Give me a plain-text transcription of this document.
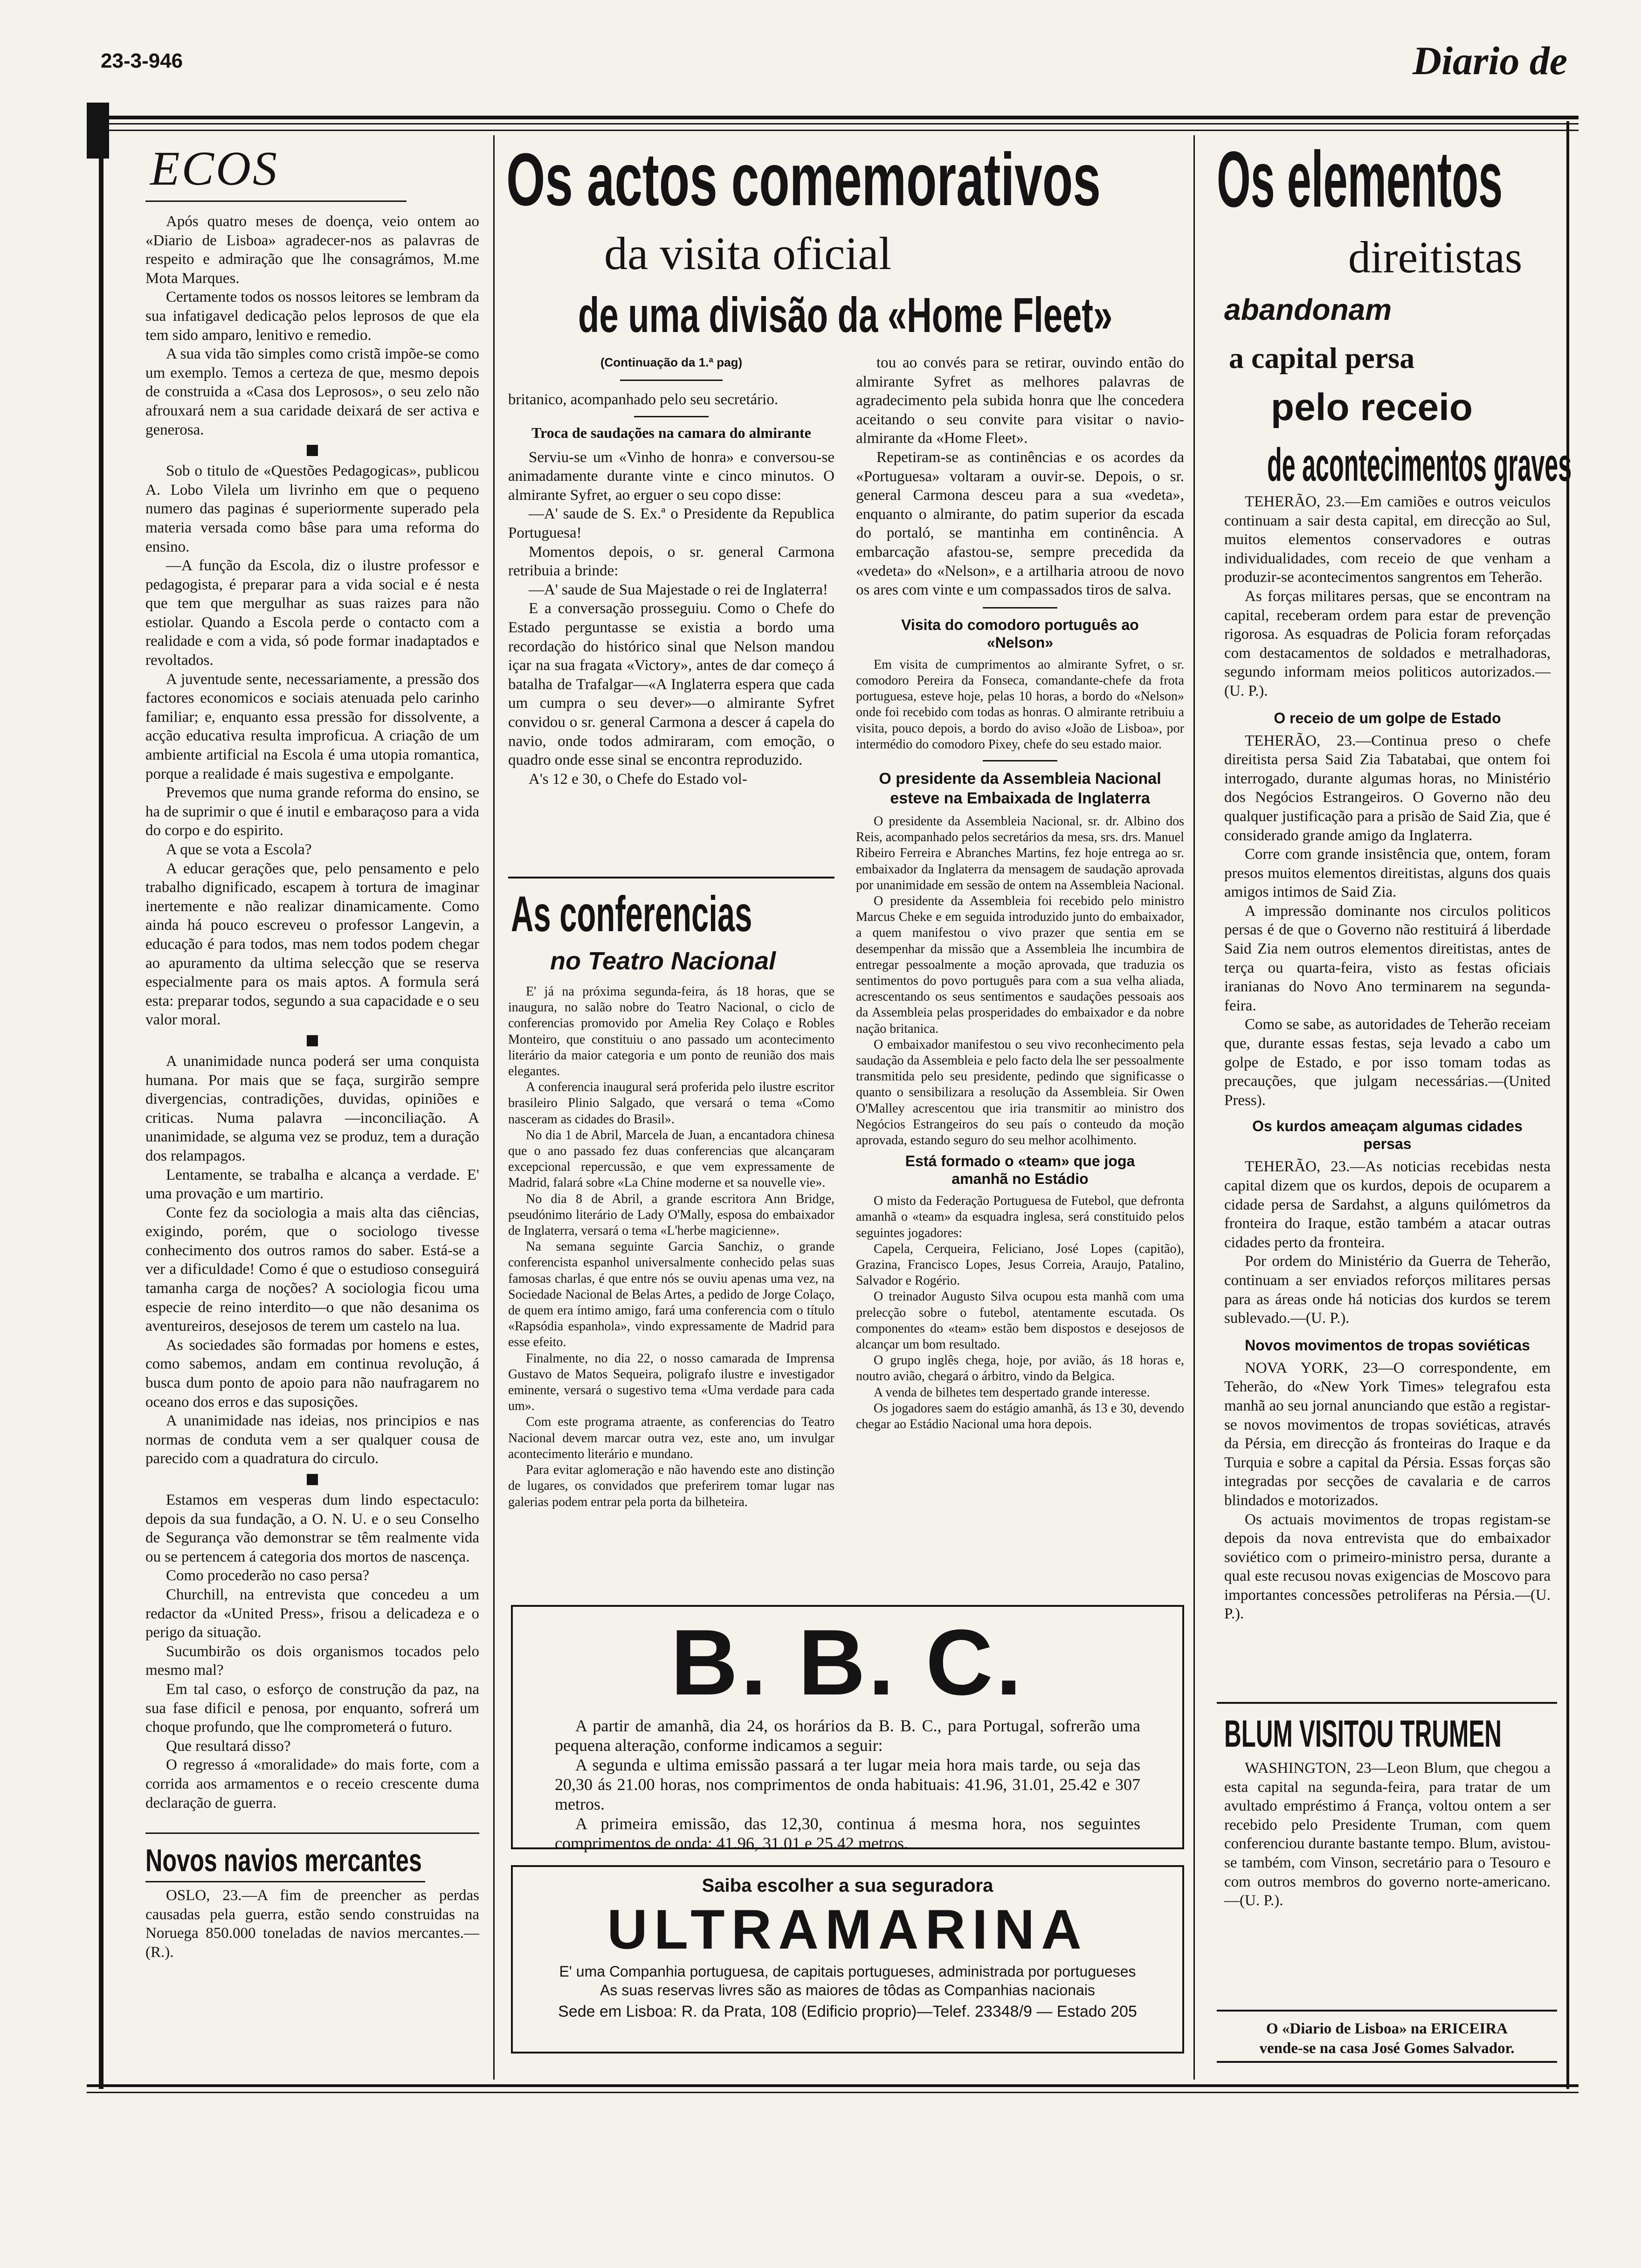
23-3-946	Diario de
ECOS

Após quatro meses de doença, veio ontem ao «Diario de Lisboa» agradecer-nos as palavras de respeito e admiração que lhe consagrámos, M.me Mota Marques.

Certamente todos os nossos leitores se lembram da sua infatigavel dedicação pelos leprosos de que ela tem sido amparo, lenitivo e remedio.

A sua vida tão simples como cristã impõe-se como um exemplo. Temos a certeza de que, mesmo depois de construida a «Casa dos Leprosos», o seu zelo não afrouxará nem a sua caridade deixará de ser activa e generosa.

Sob o titulo de «Questões Pedagogicas», publicou A. Lobo Vilela um livrinho em que o pequeno numero das paginas é superiormente superado pela materia versada como bâse para uma reforma do ensino.

—A função da Escola, diz o ilustre professor e pedagogista, é preparar para a vida social e é nesta que tem que mergulhar as suas raizes para não estiolar. Quando a Escola perde o contacto com a realidade e com a vida, só pode formar inadaptados e revoltados.

A juventude sente, necessariamente, a pressão dos factores economicos e sociais atenuada pelo carinho familiar; e, enquanto essa pressão for dissolvente, a acção educativa resulta improficua. A criação de um ambiente artificial na Escola é uma utopia romantica, porque a realidade é mais sugestiva e empolgante.

Prevemos que numa grande reforma do ensino, se ha de suprimir o que é inutil e embaraçoso para a vida do corpo e do espirito.

A que se vota a Escola?

A educar gerações que, pelo pensamento e pelo trabalho dignificado, escapem à tortura de imaginar inertemente e não realizar dinamicamente. Como ainda há pouco escreveu o professor Langevin, a educação é para todos, mas nem todos podem chegar ao apuramento da ultima selecção que se reserva especialmente para os mais aptos. A formula será esta: preparar todos, segundo a sua capacidade e o seu valor moral.

A unanimidade nunca poderá ser uma conquista humana. Por mais que se faça, surgirão sempre divergencias, contradições, duvidas, opiniões e criticas. Numa palavra —inconciliação. A unanimidade, se alguma vez se produz, tem a duração dos relampagos.

Lentamente, se trabalha e alcança a verdade. E' uma provação e um martirio.

Conte fez da sociologia a mais alta das ciências, exigindo, porém, que o sociologo tivesse conhecimento dos outros ramos do saber. Está-se a ver a dificuldade! Como é que o estudioso conseguirá tamanha carga de noções? A sociologia ficou uma especie de reino interdito—o que não desanima os aventureiros, desejosos de terem um castelo na lua.

As sociedades são formadas por homens e estes, como sabemos, andam em continua revolução, á busca dum ponto de apoio para não naufragarem no oceano dos erros e das suposições.

A unanimidade nas ideias, nos principios e nas normas de conduta vem a ser qualquer cousa de parecido com a quadratura do circulo.

Estamos em vesperas dum lindo espectaculo: depois da sua fundação, a O. N. U. e o seu Conselho de Segurança vão demonstrar se têm realmente vida ou se pertencem á categoria dos mortos de nascença.

Como procederão no caso persa?

Churchill, na entrevista que concedeu a um redactor da «United Press», frisou a delicadeza e o perigo da situação.

Sucumbirão os dois organismos tocados pelo mesmo mal?

Em tal caso, o esforço de construção da paz, na sua fase dificil e penosa, por enquanto, sofrerá um choque profundo, que lhe comprometerá o futuro.

Que resultará disso?

O regresso á «moralidade» do mais forte, com a corrida aos armamentos e o receio crescente duma declaração de guerra.

Novos navios mercantes

OSLO, 23.—A fim de preencher as perdas causadas pela guerra, estão sendo construidas na Noruega 850.000 toneladas de navios mercantes.—(R.).

Os actos comemorativos
da visita oficial
de uma divisão da «Home Fleet»
(Continuação da 1.ª pag)

britanico, acompanhado pelo seu secretário.

Troca de saudações na camara do almirante

Serviu-se um «Vinho de honra» e conversou-se animadamente durante vinte e cinco minutos. O almirante Syfret, ao erguer o seu copo disse:

—A' saude de S. Ex.ª o Presidente da Republica Portuguesa!

Momentos depois, o sr. general Carmona retribuia a brinde:

—A' saude de Sua Majestade o rei de Inglaterra!

E a conversação prosseguiu. Como o Chefe do Estado perguntasse se existia a bordo uma recordação do histórico sinal que Nelson mandou içar na sua fragata «Victory», antes de dar começo á batalha de Trafalgar—«A Inglaterra espera que cada um cumpra o seu dever»—o almirante Syfret convidou o sr. general Carmona a descer á capela do navio, onde todos admiraram, com emoção, o quadro onde esse sinal se encontra reproduzido.

A's 12 e 30, o Chefe do Estado vol-

tou ao convés para se retirar, ouvindo então do almirante Syfret as melhores palavras de agradecimento pela subida honra que lhe concedera aceitando o seu convite para visitar o navio-almirante da «Home Fleet».

Repetiram-se as continências e os acordes da «Portuguesa» voltaram a ouvir-se. Depois, o sr. general Carmona desceu para a sua «vedeta», enquanto o almirante, do patim superior da escada do portaló, se mantinha em continência. A embarcação afastou-se, sempre precedida da «vedeta» do «Nelson», e a artilharia atroou de novo os ares com vinte e um compassados tiros de salva.

Visita do comodoro português ao «Nelson»

Em visita de cumprimentos ao almirante Syfret, o sr. comodoro Pereira da Fonseca, comandante-chefe da frota portuguesa, esteve hoje, pelas 10 horas, a bordo do «Nelson» onde foi recebido com todas as honras. O almirante retribuiu a visita, pouco depois, a bordo do aviso «João de Lisboa», por intermédio do comodoro Pixey, chefe do seu estado maior.

O presidente da Assembleia Nacional esteve na Embaixada de Inglaterra

O presidente da Assembleia Nacional, sr. dr. Albino dos Reis, acompanhado pelos secretários da mesa, srs. drs. Manuel Ribeiro Ferreira e Abranches Martins, fez hoje entrega ao sr. embaixador da Inglaterra da mensagem de saudação aprovada por unanimidade em sessão de ontem na Assembleia Nacional.

O presidente da Assembleia foi recebido pelo ministro Marcus Cheke e em seguida introduzido junto do embaixador, a quem manifestou o vivo prazer que sentia em se desempenhar da missão que a Assembleia lhe incumbira de entregar pessoalmente a moção aprovada, que traduzia os sentimentos do povo português para com a sua velha aliada, acrescentando os seus sentimentos e saudações pessoais aos da Assembleia pelas prosperidades do embaixador e da nobre nação britanica.

O embaixador manifestou o seu vivo reconhecimento pela saudação da Assembleia e pelo facto dela lhe ser pessoalmente transmitida pelo seu presidente, pedindo que significasse o quanto o sensibilizara a resolução da Assembleia. Sir Owen O'Malley acrescentou que iria transmitir ao ministro dos Negócios Estrangeiros do seu país o conteudo da moção aprovada, estando seguro do seu melhor acolhimento.

Está formado o «team» que joga amanhã no Estádio

O misto da Federação Portuguesa de Futebol, que defronta amanhã o «team» da esquadra inglesa, será constituido pelos seguintes jogadores:

Capela, Cerqueira, Feliciano, José Lopes (capitão), Grazina, Francisco Lopes, Jesus Correia, Araujo, Patalino, Salvador e Rogério.

O treinador Augusto Silva ocupou esta manhã com uma prelecção sobre o futebol, atentamente escutada. Os componentes do «team» estão bem dispostos e desejosos de alcançar um bom resultado.

O grupo inglês chega, hoje, por avião, ás 18 horas e, noutro avião, chegará o árbitro, vindo da Belgica.

A venda de bilhetes tem despertado grande interesse.

Os jogadores saem do estágio amanhã, ás 13 e 30, devendo chegar ao Estádio Nacional uma hora depois.

As conferencias
no Teatro Nacional

E' já na próxima segunda-feira, ás 18 horas, que se inaugura, no salão nobre do Teatro Nacional, o ciclo de conferencias promovido por Amelia Rey Colaço e Robles Monteiro, que constituiu o ano passado um acontecimento literário da maior categoria e um ponto de reunião dos mais elegantes.

A conferencia inaugural será proferida pelo ilustre escritor brasileiro Plinio Salgado, que versará o tema «Como nasceram as cidades do Brasil».

No dia 1 de Abril, Marcela de Juan, a encantadora chinesa que o ano passado fez duas conferencias que alcançaram excepcional repercussão, e que vem expressamente de Madrid, falará sobre «La Chine moderne et sa nouvelle vie».

No dia 8 de Abril, a grande escritora Ann Bridge, pseudónimo literário de Lady O'Mally, esposa do embaixador de Inglaterra, versará o tema «L'herbe magicienne».

Na semana seguinte Garcia Sanchiz, o grande conferencista espanhol universalmente conhecido pelas suas famosas charlas, é que entre nós se ouviu apenas uma vez, na Sociedade Nacional de Belas Artes, a pedido de Jorge Colaço, de quem era íntimo amigo, fará uma conferencia com o título «Rapsódia espanhola», vindo expressamente de Madrid para esse efeito.

Finalmente, no dia 22, o nosso camarada de Imprensa Gustavo de Matos Sequeira, poligrafo ilustre e investigador eminente, versará o sugestivo tema «Uma verdade para cada um».

Com este programa atraente, as conferencias do Teatro Nacional devem marcar outra vez, este ano, um invulgar acontecimento literário e mundano.

Para evitar aglomeração e não havendo este ano distinção de lugares, os convidados que preferirem tomar lugar nas galerias podem entrar pela porta da bilheteira.

B. B. C.

A partir de amanhã, dia 24, os horários da B. B. C., para Portugal, sofrerão uma pequena alteração, conforme indicamos a seguir:

A segunda e ultima emissão passará a ter lugar meia hora mais tarde, ou seja das 20,30 ás 21.00 horas, nos comprimentos de onda habituais: 41.96, 31.01, 25.42 e 307 metros.

A primeira emissão, das 12,30, continua á mesma hora, nos seguintes comprimentos de onda: 41.96, 31.01 e 25.42 metros.

Saiba escolher a sua seguradora
ULTRAMARINA
E' uma Companhia portuguesa, de capitais portugueses, administrada por portugueses
As suas reservas livres são as maiores de tôdas as Companhias nacionais
Sede em Lisboa: R. da Prata, 108 (Edificio proprio)—Telef. 23348/9 — Estado 205
Os elementos
direitistas
abandonam
a capital persa
pelo receio
de acontecimentos graves

TEHERÃO, 23.—Em camiões e outros veiculos continuam a sair desta capital, em direcção ao Sul, muitos elementos conservadores e outras individualidades, com receio de que venham a produzir-se acontecimentos sangrentos em Teherão.

As forças militares persas, que se encontram na capital, receberam ordem para estar de prevenção rigorosa. As esquadras de Policia foram reforçadas com destacamentos de soldados e metralhadoras, segundo informam meios politicos autorizados.—(U. P.).

O receio de um golpe de Estado

TEHERÃO, 23.—Continua preso o chefe direitista persa Said Zia Tabatabai, que ontem foi interrogado, durante algumas horas, no Ministério dos Negócios Estrangeiros. O Governo não deu qualquer justificação para a prisão de Said Zia, que é considerado grande amigo da Inglaterra.

Corre com grande insistência que, ontem, foram presos muitos elementos direitistas, alguns dos quais amigos intimos de Said Zia.

A impressão dominante nos circulos politicos persas é de que o Governo não restituirá á liberdade Said Zia nem outros elementos direitistas, antes de terça ou quarta-feira, visto as festas oficiais iranianas do Novo Ano terminarem na segunda-feira.

Como se sabe, as autoridades de Teherão receiam que, durante essas festas, seja levado a cabo um golpe de Estado, e por isso tomam todas as precauções, que julgam necessárias.—(United Press).

Os kurdos ameaçam algumas cidades persas

TEHERÃO, 23.—As noticias recebidas nesta capital dizem que os kurdos, depois de ocuparem a cidade persa de Sardahst, a alguns quilómetros da fronteira do Iraque, estão também a atacar outras cidades perto da fronteira.

Por ordem do Ministério da Guerra de Teherão, continuam a ser enviados reforços militares persas para as áreas onde há noticias dos kurdos se terem sublevado.—(U. P.).

Novos movimentos de tropas soviéticas

NOVA YORK, 23—O correspondente, em Teherão, do «New York Times» telegrafou esta manhã ao seu jornal anunciando que estão a registar-se novos movimentos de tropas soviéticas, através da Pérsia, em direcção ás fronteiras do Iraque e da Turquia e sobre a capital da Pérsia. Essas forças são integradas por secções de cavalaria e de carros blindados e motorizados.

Os actuais movimentos de tropas registam-se depois da nova entrevista que do embaixador soviético com o primeiro-ministro persa, durante a qual este recusou novas exigencias de Moscovo para importantes concessões petroliferas na Pérsia.—(U. P.).

BLUM VISITOU TRUMEN

WASHINGTON, 23—Leon Blum, que chegou a esta capital na segunda-feira, para tratar de um avultado empréstimo á França, voltou ontem a ser recebido pelo Presidente Truman, com quem conferenciou durante bastante tempo. Blum, avistou-se também, com Vinson, secretário para o Tesouro e com outros membros do governo norte-americano.—(U. P.).

O «Diario de Lisboa» na ERICEIRA
vende-se na casa José Gomes Salvador.
